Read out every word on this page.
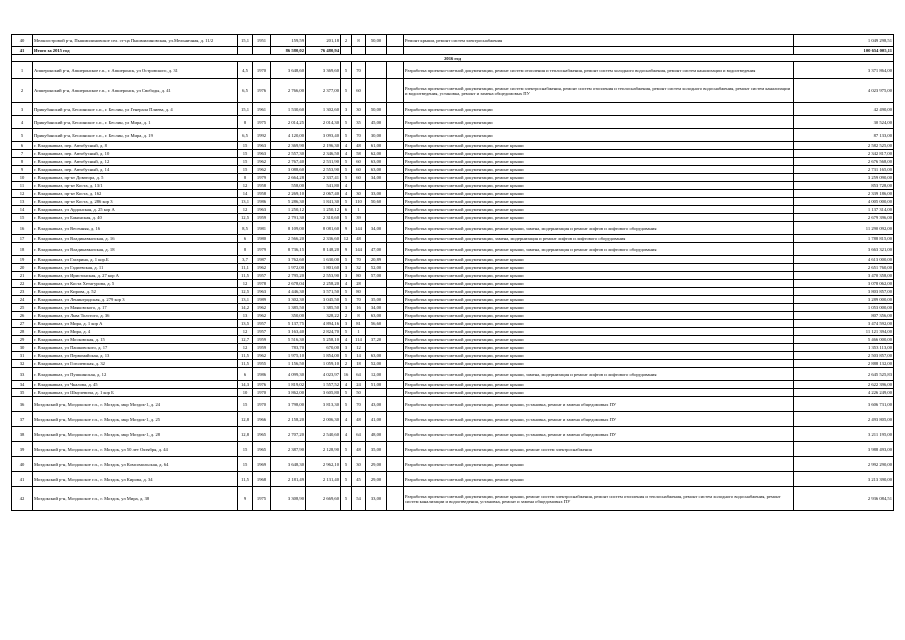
40	Мелкоостровой р-н, Пышмилиновское сел. ст-ца Пышмилиновская, ул.Мельничная, д. 11/2	15,1	1951	159,59	201,18	2	8	50,00		Ремонт крыши, ремонт систем электроснабжения	1 049 298,51
41	Итого за 2015 год			86 580,02	76 480,94						100 654 005,11
2016 год											
1	Апшеронский р-н, Апшеронское г.п., г. Апшеронск, ул Островского, д. 31	4,5	1970	3 648,60	3 369,60	5	70			Разработка проектно-сметной документации, ремонт систем отопления и теплоснабжения, ремонт систем холодного водоснабжения, ремонт систем канализации и водоотведения	3 371 864,00
2	Апшеронский р-н, Апшеронское г.п., г. Апшеронск, ул Свободы, д. 41	6,5	1976	2 766,00	2 377,00	5	60			Разработка проектно-сметной документации, ремонт систем электроснабжения, ремонт систем отопления и теплоснабжения, ремонт систем холодного водоснабжения, ремонт систем канализации и водоотведения, установка, ремонт и замена общедомовых ПУ	4 023 975,00
3	Прикубанский р-н, Беслинское с.п., г. Беслин, ул Генерала Плиева, д. 4	15,1	1961	1 530,60	1 302,60	3	30	50,00		Разработка проектно-сметной документации	42 490,00
4	Прикубанский р-н, Беслинское с.п., г. Беслин, ул Мира, д. 1	8	1975	2 014,25	2 014,30	5	35	45,00		Разработка проектно-сметной документации	30 524,00
5	Прикубанский р-н, Беслинское с.п., г. Беслин, ул Мира, д. 19	6,5	1992	4 120,00	3 093,40	5	70	30,00		Разработка проектно-сметной документации	87 133,00
6	г. Владикавказ, пер. Автобусный, д. 8	15	1963	2 369,90	2 196,30	4	48	61,00		Разработка проектно-сметной документации, ремонт крыши	2 582 525,00
7	г. Владикавказ, пер. Автобусный, д. 10	15	1963	2 557,30	2 346,50	4	58	62,00		Разработка проектно-сметной документации, ремонт крыши	2 342 817,00
8	г. Владикавказ, пер. Автобусный, д. 12	15	1962	2 767,40	2 531,90	5	60	63,00		Разработка проектно-сметной документации, ремонт крыши	2 676 568,00
9	г. Владикавказ, пер. Автобусный, д. 14	15	1962	3 088,60	2 553,90	5	60	63,00		Разработка проектно-сметной документации, ремонт крыши	2 731 165,00
10	г. Владикавказ, пр-кт Доватора, д. 5	8	1979	2 664,28	2 337,41	5	60	34,00		Разработка проектно-сметной документации, ремонт крыши	3 259 090,00
11	г. Владикавказ, пр-кт Коста, д. 13/1	12	1958	558,00	541,80	4				Разработка проектно-сметной документации, ремонт крыши	853 728,00
12	г. Владикавказ, пр-кт Коста, д. 162	14	1958	2 269,10	2 067,40	4	30	33,00		Разработка проектно-сметной документации, ремонт крыши	2 339 186,00
13	г. Владикавказ, пр-кт Коста, д. 286 кор 3	13,1	1986	5 286,30	1 841,30	5	110	50,60		Разработка проектно-сметной документации, ремонт крыши	4 005 000,00
14	г. Владикавказ, ул Ардонская, д. 25 кор А	12	1963	1 250,12	1 250,12	6	1			Разработка проектно-сметной документации, ремонт крыши	1 137 314,00
15	г. Владикавказ, ул Бакинская, д. 40	12,5	1959	2 791,30	2 310,60	5	39			Разработка проектно-сметной документации, ремонт крыши	2 679 396,00
16	г. Владикавказ, ул Весенняя, д. 16	8,5	1981	8 109,00	8 081,60	9	144	34,00		Разработка проектно-сметной документации, ремонт крыши, замена, модернизация и ремонт лифтов и лифтового оборудования	11 290 092,00
17	г. Владикавказ, ул Владикавказская, д. 16	6	1980	2 566,20	2 336,60	12	48			Разработка проектно-сметной документации, замена, модернизация и ремонт лифтов и лифтового оборудования	1 788 815,00
18	г. Владикавказ, ул Владикавказская, д. 18	8	1979	8 736,15	8 148,20	9	144	47,00		Разработка проектно-сметной документации, ремонт крыши, замена, модернизация и ремонт лифтов и лифтового оборудования	3 663 321,00
19	г. Владикавказ, ул Гагарина, д. 1 кор.Б	3,7	1987	3 762,60	1 630,00	5	70	20,89		Разработка проектно-сметной документации, ремонт крыши	4 613 000,00
20	г. Владикавказ, ул Гадиевская, д. 11	11,1	1962	1 972,00	1 801,60	3	32	52,00		Разработка проектно-сметной документации, ремонт крыши	2 651 760,00
21	г. Владикавказ, ул Иристонская, д. 27 кор А	11,5	1957	2 795,20	2 553,90	3	80	57,00		Разработка проектно-сметной документации, ремонт крыши	3 470 358,00
22	г. Владикавказ, ул Коста Хетагурова, д. 5	12	1978	2 678,04	2 258,20	4	28			Разработка проектно-сметной документации, ремонт крыши	3 078 062,00
23	г. Владикавказ, ул Кирова, д. 52	12,5	1963	4 446,30	3 571,50	5	80			Разработка проектно-сметной документации, ремонт крыши	3 803 857,00
24	г. Владикавказ, ул Ленинградская, д. 279 кор 3	13,1	1989	3 302,30	3 045,50	5	70	35,00		Разработка проектно-сметной документации, ремонт крыши	3 289 000,00
25	г. Владикавказ, ул Маяковского, д. 17	14,2	1962	1 385,50	1 385,50	3	16	34,00		Разработка проектно-сметной документации, ремонт крыши	1 053 000,00
26	г. Владикавказ, ул Льва Толстого, д. 36	13	1962	350,00	328,22	2	8	63,00		Разработка проектно-сметной документации, ремонт крыши	807 356,00
27	г. Владикавказ, ул Мира, д. 1 кор А	13,5	1957	5 137,75	4 894,16	3	81	56,60		Разработка проектно-сметной документации, ремонт крыши	3 474 592,00
28	г. Владикавказ, ул Мира, д. 4	12	1957	3 163,40	2 824,70	5	1			Разработка проектно-сметной документации, ремонт крыши	11 121 394,00
29	г. Владикавказ, ул Московская, д. 15	12,7	1959	5 516,30	5 258,10	4	114	37,20		Разработка проектно-сметной документации, ремонт крыши	5 466 000,00
30	г. Владикавказ, ул Пашковского, д. 17	12	1959	783,70	670,00	3	12			Разработка проектно-сметной документации, ремонт крыши	1 353 113,00
31	г. Владикавказ, ул Первомайская, д. 13	11,5	1962	1 975,10	1 854,00	5	14	63,00		Разработка проектно-сметной документации, ремонт крыши	2 503 857,00
32	г. Владикавказ, ул Гоголевская, д. 32	11,5	1955	1 156,50	1 059,10	2	18	52,00		Разработка проектно-сметной документации, ремонт крыши	2 888 132,00
33	г. Владикавказ, ул Пушкинская, д. 12	6	1986	4 099,30	4 023,97	16	64	12,00		Разработка проектно-сметной документации, ремонт крыши, замена, модернизация и ремонт лифтов и лифтового оборудования	2 645 525,83
34	г. Владикавказ, ул Чкалова, д. 45	14,3	1976	1 819,02	1 557,52	4	24	51,00		Разработка проектно-сметной документации, ремонт крыши	2 622 396,00
35	г. Владикавказ, ул Шмулевича, д. 1 кор Б	10	1970	3 862,00	3 605,80	5	50			Разработка проектно-сметной документации, ремонт крыши	4 226 249,00
36	Моздокский р-н, Моздокское г.п., г. Моздок, мкр Моздок-1, д. 24	15	1970	3 798,00	3 813,30	5	70	43,00		Разработка проектно-сметной документации, ремонт крыши, установка, ремонт и замена общедомовых ПУ	3 606 731,00
37	Моздокский р-н, Моздокское г.п., г. Моздок, мкр Моздок-1, д. 25	12,8	1966	2 158,20	2 006,30	4	48	41,00		Разработка проектно-сметной документации, ремонт крыши, установка, ремонт и замена общедомовых ПУ	2 493 805,00
38	Моздокский р-н, Моздокское г.п., г. Моздок, мкр Моздок-1, д. 28	12,8	1965	2 707,20	2 540,60	4	64	48,00		Разработка проектно-сметной документации, ремонт крыши, установка, ремонт и замена общедомовых ПУ	3 211 195,00
39	Моздокский р-н, Моздокское г.п., г. Моздок, ул 50 лет Октября, д. 44	15	1965	2 387,90	2 128,90	5	48	35,00		Разработка проектно-сметной документации, ремонт крыши, ремонт систем электроснабжения	3 988 493,00
40	Моздокский р-н, Моздокское г.п., г. Моздок, ул Комсомольская, д. 64	15	1969	3 648,30	2 962,10	5	30	29,00		Разработка проектно-сметной документации, ремонт крыши	2 992 290,00
41	Моздокский р-н, Моздокское г.п., г. Моздок, ул Кирова, д. 34	11,5	1968	2 181,49	2 131,40	5	45	29,00		Разработка проектно-сметной документации, ремонт крыши	3 213 390,00
42	Моздокский р-н, Моздокское г.п., г. Моздок, ул Мира, д. 38	9	1975	3 308,90	2 669,60	5	54	33,00		Разработка проектно-сметной документации, ремонт крыши, ремонт систем электроснабжения, ремонт систем отопления и теплоснабжения, ремонт систем холодного водоснабжения, ремонт систем канализации и водоотведения, установка, ремонт и замена общедомовых ПУ	2 936 084,51
